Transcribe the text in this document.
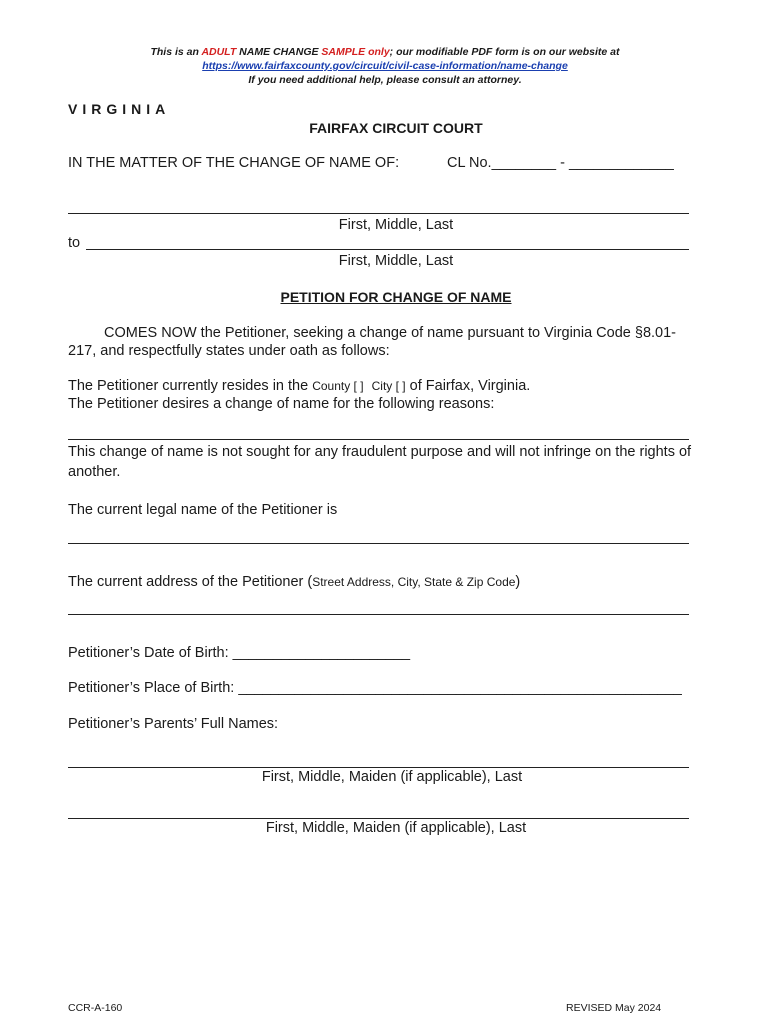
This is an ADULT NAME CHANGE SAMPLE only; our modifiable PDF form is on our website at
https://www.fairfaxcounty.gov/circuit/civil-case-information/name-change
If you need additional help, please consult an attorney.
VIRGINIA
FAIRFAX CIRCUIT COURT
IN THE MATTER OF THE CHANGE OF NAME OF:	CL No.________ - _____________
First, Middle, Last
to
First, Middle, Last
PETITION FOR CHANGE OF NAME
COMES NOW the Petitioner, seeking a change of name pursuant to Virginia Code §8.01-
217, and respectfully states under oath as follows:
The Petitioner currently resides in the County [ ] City [ ] of Fairfax, Virginia.
The Petitioner desires a change of name for the following reasons:
This change of name is not sought for any fraudulent purpose and will not infringe on the rights of
another.
The current legal name of the Petitioner is
The current address of the Petitioner (Street Address, City, State & Zip Code)
Petitioner’s Date of Birth: ______________________
Petitioner’s Place of Birth: _______________________________________________________
Petitioner’s Parents’ Full Names:
First, Middle, Maiden (if applicable), Last
First, Middle, Maiden (if applicable), Last
CCR-A-160	REVISED May 2024
